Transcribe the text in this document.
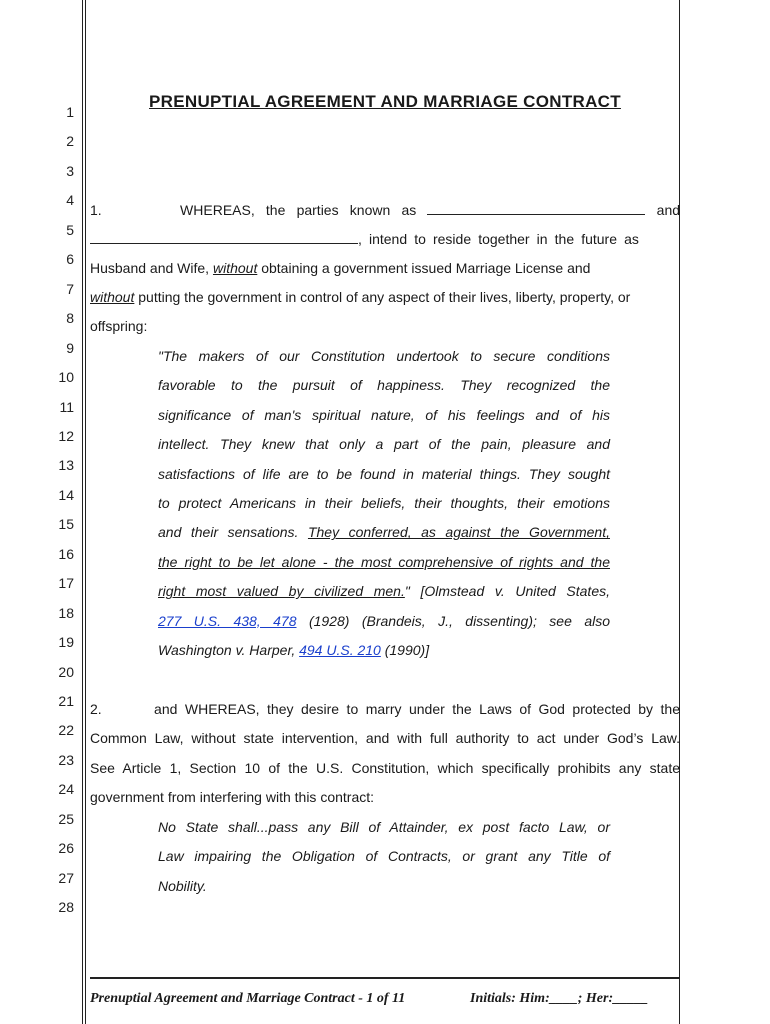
1
2
3
4
5
6
7
8
9
10
11
12
13
14
15
16
17
18
19
20
21
22
23
24
25
26
27
28
PRENUPTIAL AGREEMENT AND MARRIAGE CONTRACT
1.	WHEREAS, the parties known as	and
, intend to reside together in the future as
Husband and Wife, without obtaining a government issued Marriage License and
without putting the government in control of any aspect of their lives, liberty, property, or
offspring:
"The makers of our Constitution undertook to secure conditions
favorable to the pursuit of happiness. They recognized the
significance of man's spiritual nature, of his feelings and of his
intellect. They knew that only a part of the pain, pleasure and
satisfactions of life are to be found in material things. They sought
to protect Americans in their beliefs, their thoughts, their emotions
and their sensations. They conferred, as against the Government,
the right to be let alone - the most comprehensive of rights and the
right most valued by civilized men." [Olmstead v. United States,
277 U.S. 438, 478 (1928) (Brandeis, J., dissenting); see also
Washington v. Harper, 494 U.S. 210 (1990)]
2.	and WHEREAS, they desire to marry under the Laws of God protected by the
Common Law, without state intervention, and with full authority to act under God’s Law.
See Article 1, Section 10 of the U.S. Constitution, which specifically prohibits any state
government from interfering with this contract:
No State shall...pass any Bill of Attainder, ex post facto Law, or
Law impairing the Obligation of Contracts, or grant any Title of
Nobility.
Prenuptial Agreement and Marriage Contract - 1 of 11	Initials: Him:____; Her:_____
